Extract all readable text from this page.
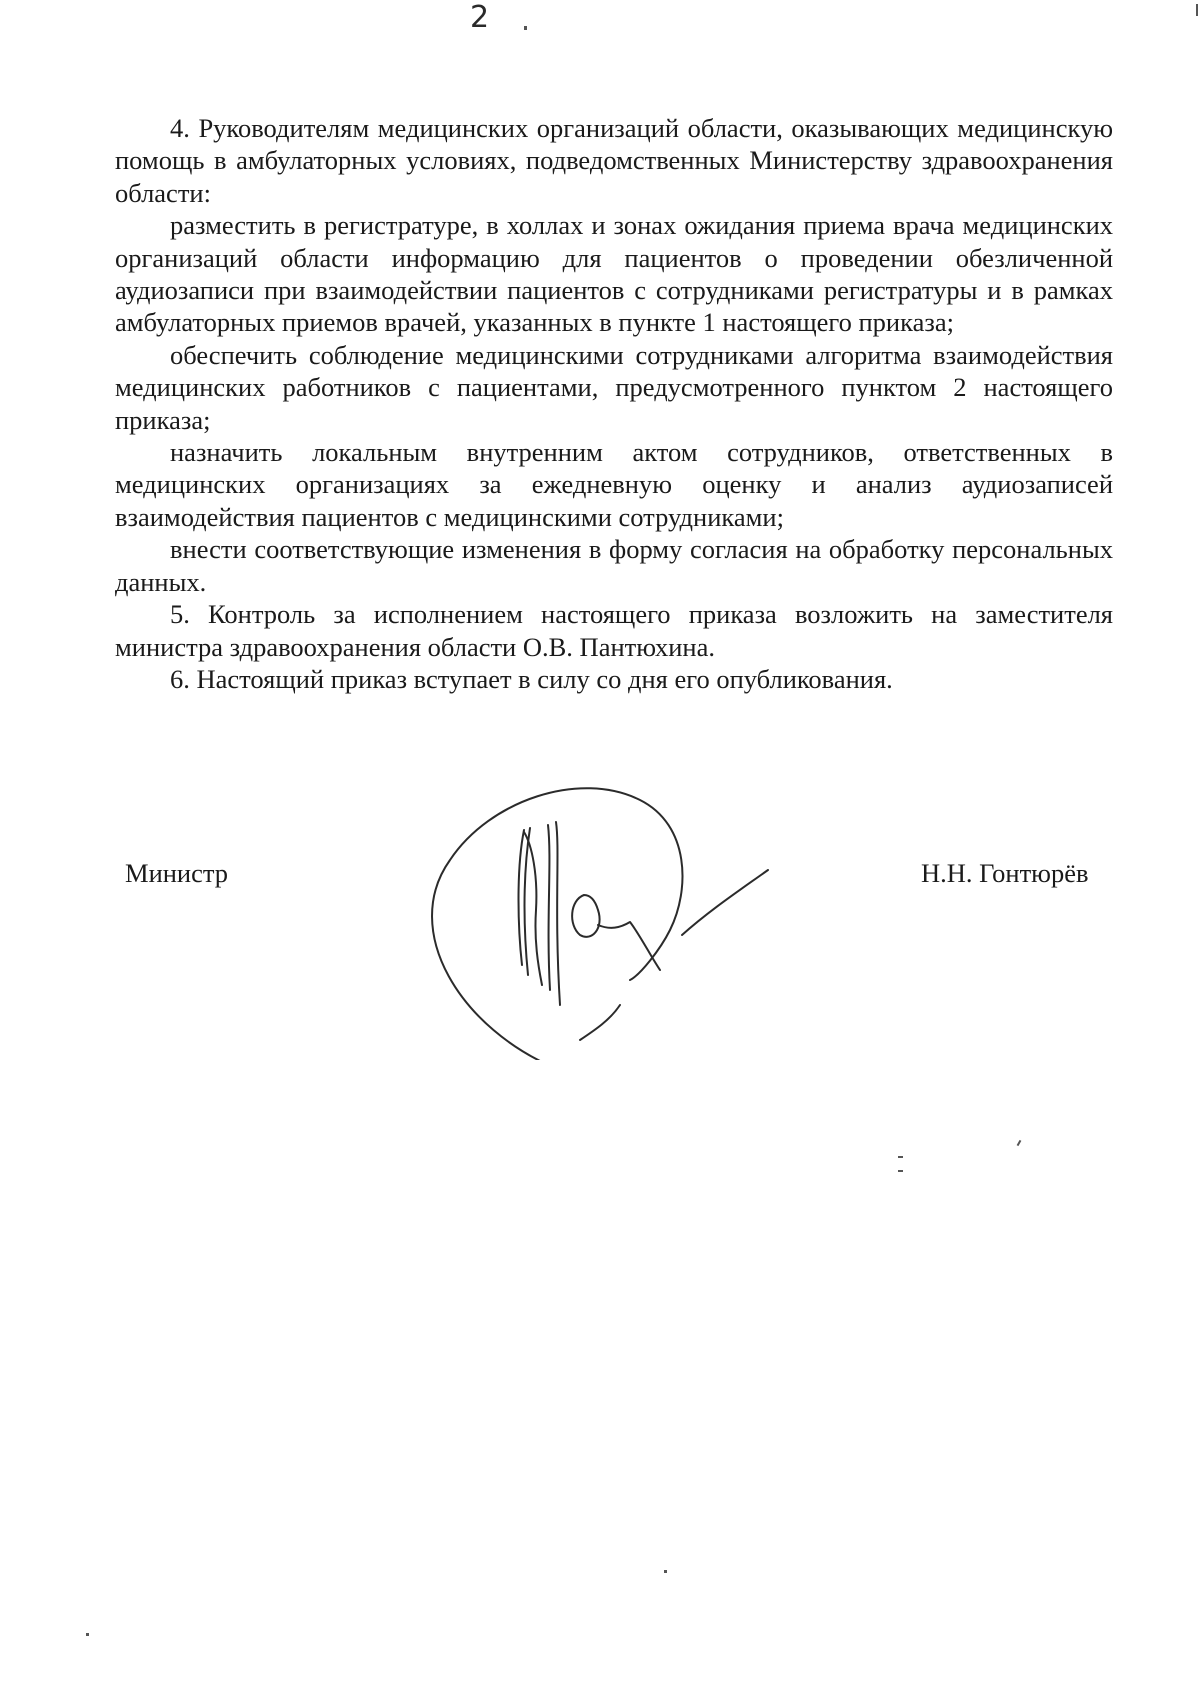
2

4. Руководителям медицинских организаций области, оказывающих медицинскую помощь в амбулаторных условиях, подведомственных Министерству здравоохранения области:

разместить в регистратуре, в холлах и зонах ожидания приема врача медицинских организаций области информацию для пациентов о проведении обезличенной аудиозаписи при взаимодействии пациентов с сотрудниками регистратуры и в рамках амбулаторных приемов врачей, указанных в пункте 1 настоящего приказа;

обеспечить соблюдение медицинскими сотрудниками алгоритма взаимодействия медицинских работников с пациентами, предусмотренного пунктом 2 настоящего приказа;

назначить локальным внутренним актом сотрудников, ответственных в медицинских организациях за ежедневную оценку и анализ аудиозаписей взаимодействия пациентов с медицинскими сотрудниками;

внести соответствующие изменения в форму согласия на обработку персональных данных.

5. Контроль за исполнением настоящего приказа возложить на заместителя министра здравоохранения области О.В. Пантюхина.

6. Настоящий приказ вступает в силу со дня его опубликования.

Министр	Н.Н. Гонтюрёв
